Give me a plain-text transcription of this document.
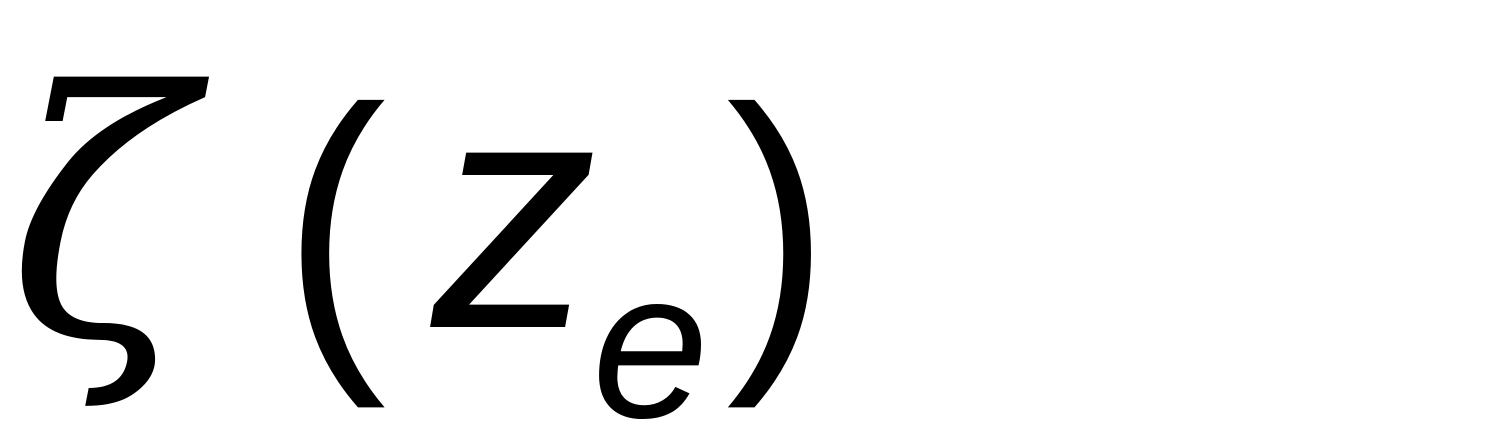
ζ ( z
e )
